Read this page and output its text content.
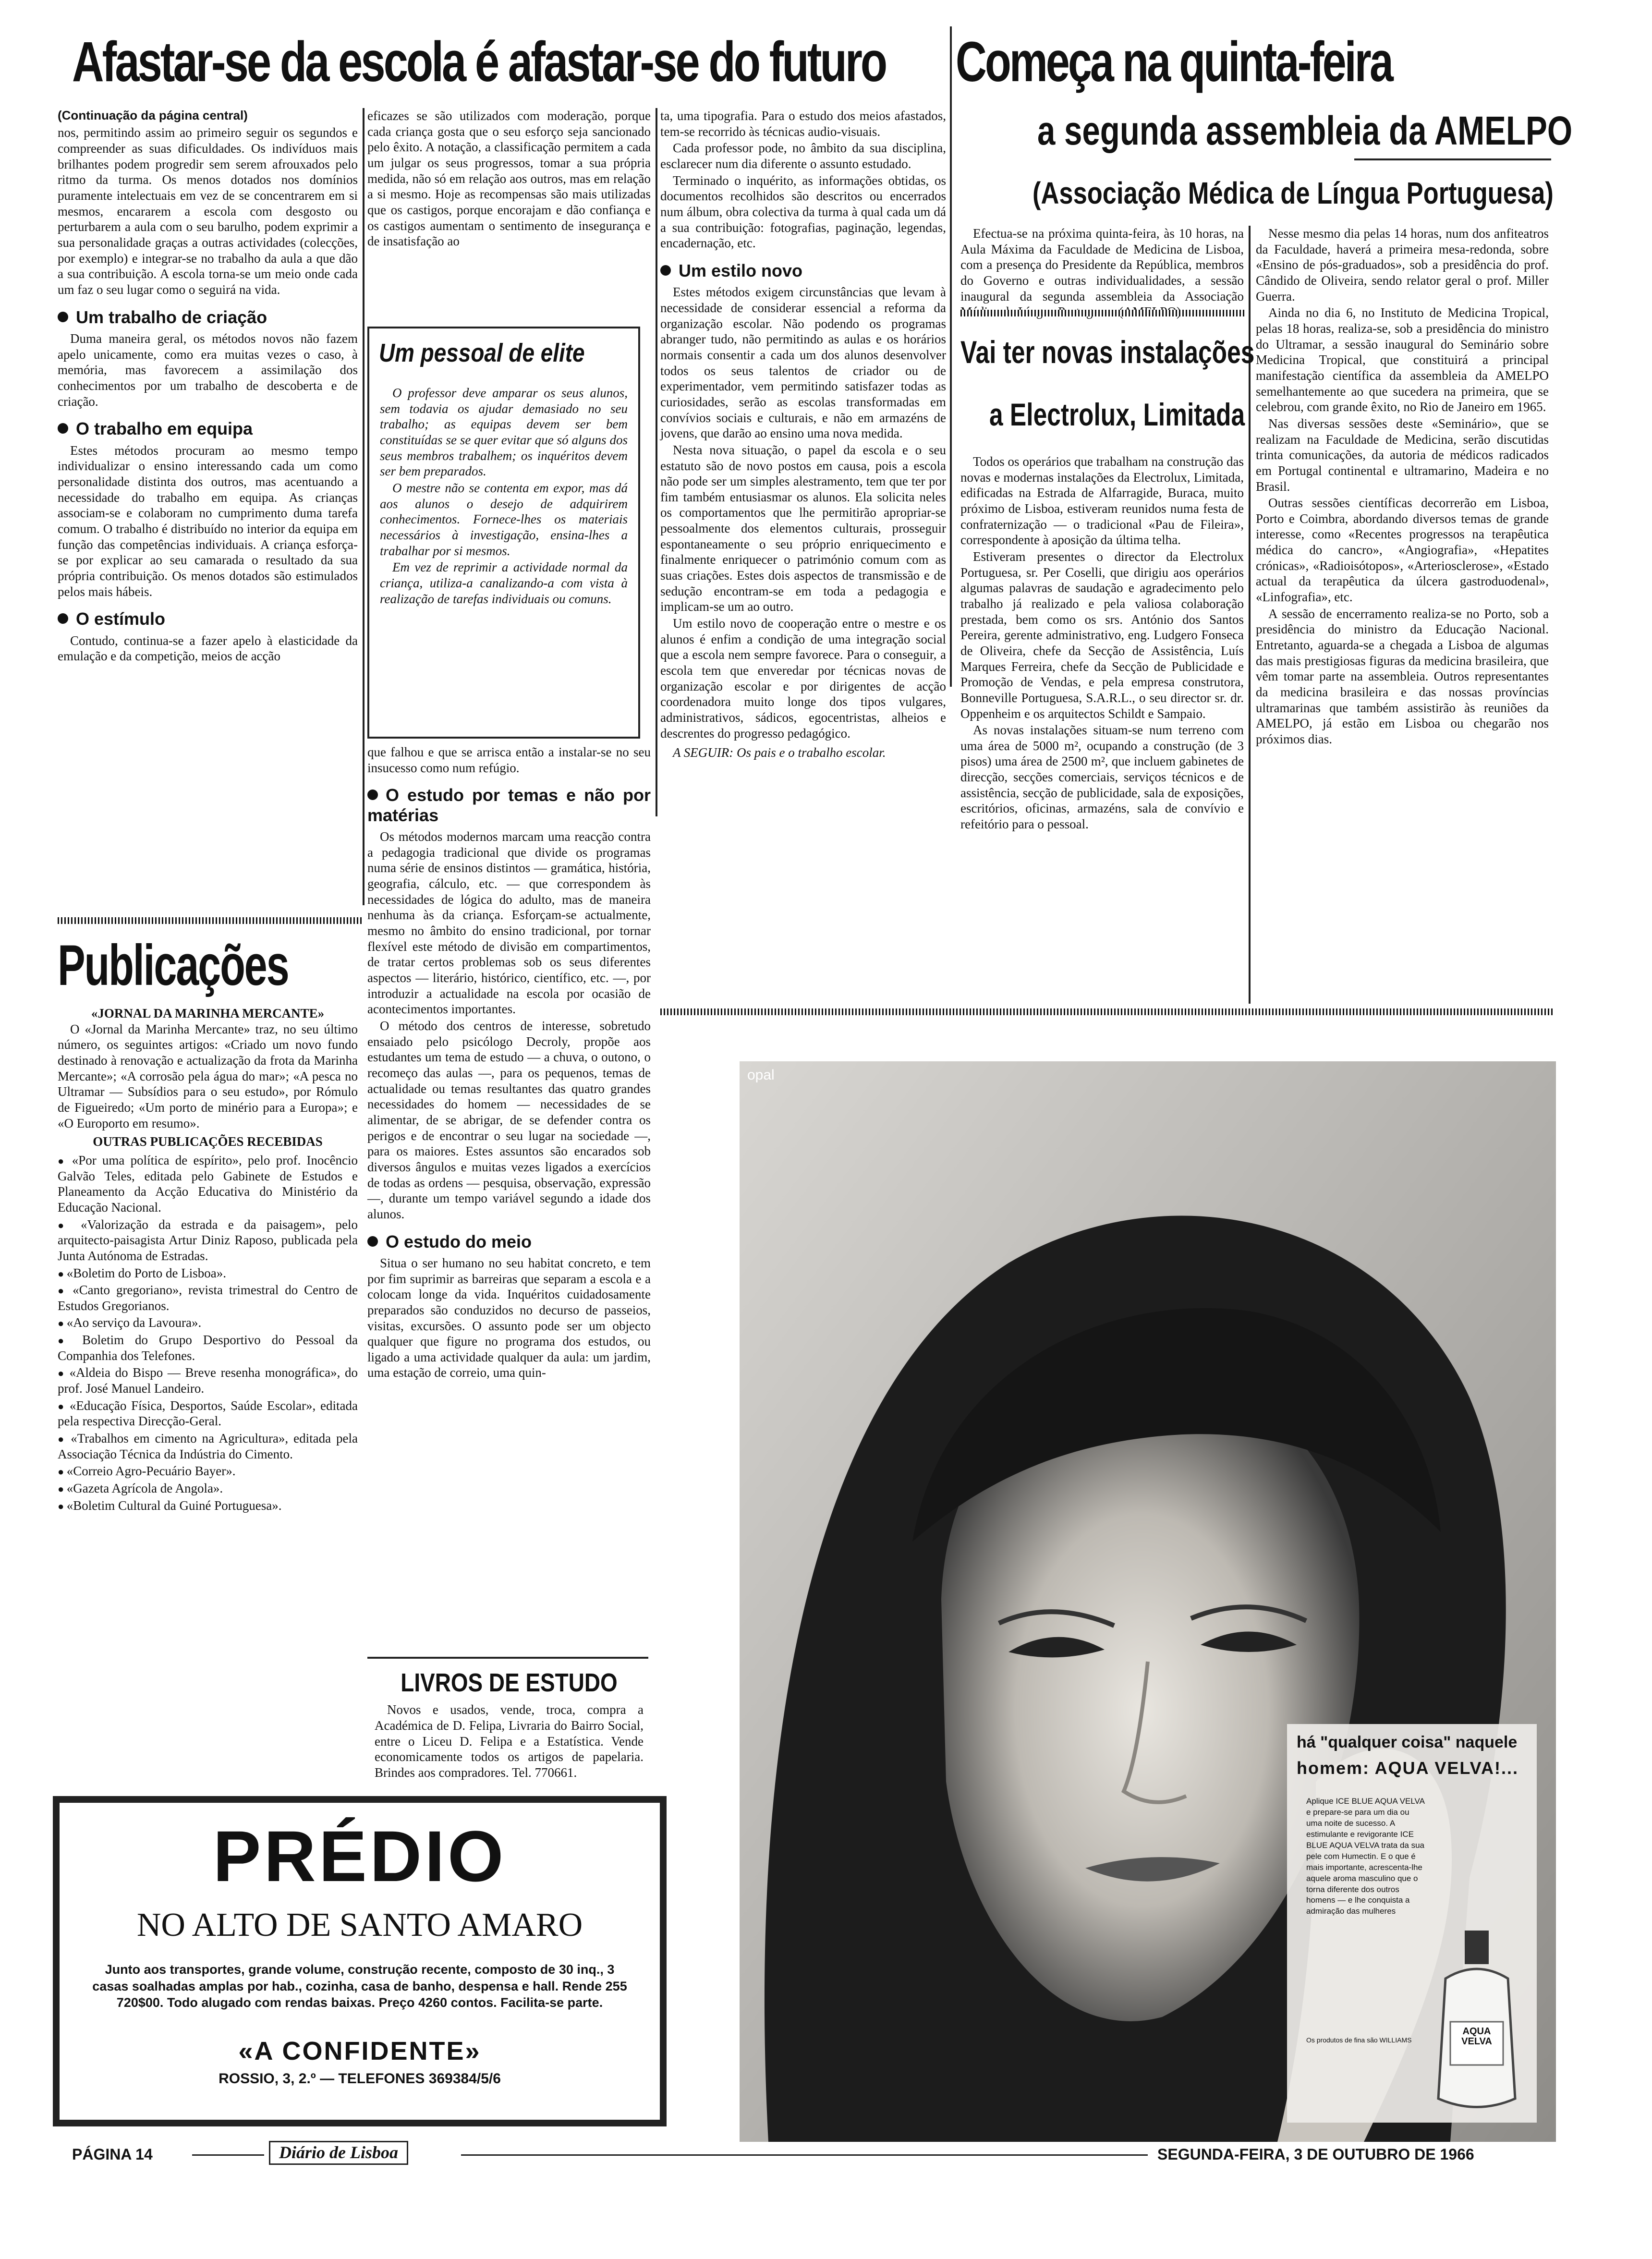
Afastar-se da escola é afastar-se do futuro Começa na quinta-feira
a segunda assembleia da AMELPO
(Associação Médica de Língua Portuguesa)
(Continuação da página central)

nos, permitindo assim ao primeiro seguir os segundos e compreender as suas dificuldades. Os indivíduos mais brilhantes podem progredir sem serem afrouxados pelo ritmo da turma. Os menos dotados nos domínios puramente intelectuais em vez de se concentrarem em si mesmos, encararem a escola com desgosto ou perturbarem a aula com o seu barulho, podem exprimir a sua personalidade graças a outras actividades (colecções, por exemplo) e integrar-se no trabalho da aula a que dão a sua contribuição. A escola torna-se um meio onde cada um faz o seu lugar como o seguirá na vida.

Um trabalho de criação

Duma maneira geral, os métodos novos não fazem apelo unicamente, como era muitas vezes o caso, à memória, mas favorecem a assimilação dos conhecimentos por um trabalho de descoberta e de criação.

O trabalho em equipa

Estes métodos procuram ao mesmo tempo individualizar o ensino interessando cada um como personalidade distinta dos outros, mas acentuando a necessidade do trabalho em equipa. As crianças associam-se e colaboram no cumprimento duma tarefa comum. O trabalho é distribuído no interior da equipa em função das competências individuais. A criança esforça-se por explicar ao seu camarada o resultado da sua própria contribuição. Os menos dotados são estimulados pelos mais hábeis.

O estímulo

Contudo, continua-se a fazer apelo à elasticidade da emulação e da competição, meios de acção

Publicações
«JORNAL DA MARINHA MERCANTE»

O «Jornal da Marinha Mercante» traz, no seu último número, os seguintes artigos: «Criado um novo fundo destinado à renovação e actualização da frota da Marinha Mercante»; «A corrosão pela água do mar»; «A pesca no Ultramar — Subsídios para o seu estudo», por Rómulo de Figueiredo; «Um porto de minério para a Europa»; e «O Europorto em resumo».

OUTRAS PUBLICAÇÕES RECEBIDAS
● «Por uma política de espírito», pelo prof. Inocêncio Galvão Teles, editada pelo Gabinete de Estudos e Planeamento da Acção Educativa do Ministério da Educação Nacional.
● «Valorização da estrada e da paisagem», pelo arquitecto-paisagista Artur Diniz Raposo, publicada pela Junta Autónoma de Estradas.
● «Boletim do Porto de Lisboa».
● «Canto gregoriano», revista trimestral do Centro de Estudos Gregorianos.
● «Ao serviço da Lavoura».
● Boletim do Grupo Desportivo do Pessoal da Companhia dos Telefones.
● «Aldeia do Bispo — Breve resenha monográfica», do prof. José Manuel Landeiro.
● «Educação Física, Desportos, Saúde Escolar», editada pela respectiva Direcção-Geral.
● «Trabalhos em cimento na Agricultura», editada pela Associação Técnica da Indústria do Cimento.
● «Correio Agro-Pecuário Bayer».
● «Gazeta Agrícola de Angola».
● «Boletim Cultural da Guiné Portuguesa».

eficazes se são utilizados com moderação, porque cada criança gosta que o seu esforço seja sancionado pelo êxito. A notação, a classificação permitem a cada um julgar os seus progressos, tomar a sua própria medida, não só em relação aos outros, mas em relação a si mesmo. Hoje as recompensas são mais utilizadas que os castigos, porque encorajam e dão confiança e os castigos aumentam o sentimento de insegurança e de insatisfação ao

Um pessoal de elite

O professor deve amparar os seus alunos, sem todavia os ajudar demasiado no seu trabalho; as equipas devem ser bem constituídas se se quer evitar que só alguns dos seus membros trabalhem; os inquéritos devem ser bem preparados.

O mestre não se contenta em expor, mas dá aos alunos o desejo de adquirirem conhecimentos. Fornece-lhes os materiais necessários à investigação, ensina-lhes a trabalhar por si mesmos.

Em vez de reprimir a actividade normal da criança, utiliza-a canalizando-a com vista à realização de tarefas individuais ou comuns.

que falhou e que se arrisca então a instalar-se no seu insucesso como num refúgio.

O estudo por temas e não por matérias

Os métodos modernos marcam uma reacção contra a pedagogia tradicional que divide os programas numa série de ensinos distintos — gramática, história, geografia, cálculo, etc. — que correspondem às necessidades de lógica do adulto, mas de maneira nenhuma às da criança. Esforçam-se actualmente, mesmo no âmbito do ensino tradicional, por tornar flexível este método de divisão em compartimentos, de tratar certos problemas sob os seus diferentes aspectos — literário, histórico, científico, etc. —, por introduzir a actualidade na escola por ocasião de acontecimentos importantes.

O método dos centros de interesse, sobretudo ensaiado pelo psicólogo Decroly, propõe aos estudantes um tema de estudo — a chuva, o outono, o recomeço das aulas —, para os pequenos, temas de actualidade ou temas resultantes das quatro grandes necessidades do homem — necessidades de se alimentar, de se abrigar, de se defender contra os perigos e de encontrar o seu lugar na sociedade —, para os maiores. Estes assuntos são encarados sob diversos ângulos e muitas vezes ligados a exercícios de todas as ordens — pesquisa, observação, expressão —, durante um tempo variável segundo a idade dos alunos.

O estudo do meio

Situa o ser humano no seu habitat concreto, e tem por fim suprimir as barreiras que separam a escola e a colocam longe da vida. Inquéritos cuidadosamente preparados são conduzidos no decurso de passeios, visitas, excursões. O assunto pode ser um objecto qualquer que figure no programa dos estudos, ou ligado a uma actividade qualquer da aula: um jardim, uma estação de correio, uma quin-

LIVROS DE ESTUDO

Novos e usados, vende, troca, compra a Académica de D. Felipa, Livraria do Bairro Social, entre o Liceu D. Felipa e a Estatística. Vende economicamente todos os artigos de papelaria. Brindes aos compradores. Tel. 770661.

ta, uma tipografia. Para o estudo dos meios afastados, tem-se recorrido às técnicas audio-visuais.

Cada professor pode, no âmbito da sua disciplina, esclarecer num dia diferente o assunto estudado.

Terminado o inquérito, as informações obtidas, os documentos recolhidos são descritos ou encerrados num álbum, obra colectiva da turma à qual cada um dá a sua contribuição: fotografias, paginação, legendas, encadernação, etc.

Um estilo novo

Estes métodos exigem circunstâncias que levam à necessidade de considerar essencial a reforma da organização escolar. Não podendo os programas abranger tudo, não permitindo as aulas e os horários normais consentir a cada um dos alunos desenvolver todos os seus talentos de criador ou de experimentador, vem permitindo satisfazer todas as curiosidades, serão as escolas transformadas em convívios sociais e culturais, e não em armazéns de jovens, que darão ao ensino uma nova medida.

Nesta nova situação, o papel da escola e o seu estatuto são de novo postos em causa, pois a escola não pode ser um simples alestramento, tem que ter por fim também entusiasmar os alunos. Ela solicita neles os comportamentos que lhe permitirão apropriar-se pessoalmente dos elementos culturais, prosseguir espontaneamente o seu próprio enriquecimento e finalmente enriquecer o património comum com as suas criações. Estes dois aspectos de transmissão e de sedução encontram-se em toda a pedagogia e implicam-se um ao outro.

Um estilo novo de cooperação entre o mestre e os alunos é enfim a condição de uma integração social que a escola nem sempre favorece. Para o conseguir, a escola tem que enveredar por técnicas novas de organização escolar e por dirigentes de acção coordenadora muito longe dos tipos vulgares, administrativos, sádicos, egocentristas, alheios e descrentes do progresso pedagógico.

A SEGUIR: Os pais e o trabalho escolar.

Efectua-se na próxima quinta-feira, às 10 horas, na Aula Máxima da Faculdade de Medicina de Lisboa, com a presença do Presidente da República, membros do Governo e outras individualidades, a sessão inaugural da segunda assembleia da Associação

Nesse mesmo dia pelas 14 horas, num dos anfiteatros da Faculdade, haverá a primeira mesa-redonda, sobre «Ensino de pós-graduados», sob a presidência do prof. Cândido de Oliveira, sendo relator geral o prof. Miller Guerra.

Ainda no dia 6, no Instituto de Medicina Tropical, pelas 18 horas, realiza-se, sob a presidência do ministro do Ultramar, a sessão inaugural do Seminário sobre Medicina Tropical, que constituirá a principal manifestação científica da assembleia da AMELPO semelhantemente ao que sucedera na primeira, que se celebrou, com grande êxito, no Rio de Janeiro em 1965.

Nas diversas sessões deste «Seminário», que se realizam na Faculdade de Medicina, serão discutidas trinta comunicações, da autoria de médicos radicados em Portugal continental e ultramarino, Madeira e no Brasil.

Outras sessões científicas decorrerão em Lisboa, Porto e Coimbra, abordando diversos temas de grande interesse, como «Recentes progressos na terapêutica médica do cancro», «Angiografia», «Hepatites crónicas», «Radioisótopos», «Arteriosclerose», «Estado actual da terapêutica da úlcera gastroduodenal», «Linfografia», etc.

A sessão de encerramento realiza-se no Porto, sob a presidência do ministro da Educação Nacional. Entretanto, aguarda-se a chegada a Lisboa de algumas das mais prestigiosas figuras da medicina brasileira, que vêm tomar parte na assembleia. Outros representantes da medicina brasileira e das nossas províncias ultramarinas que também assistirão às reuniões da AMELPO, já estão em Lisboa ou chegarão nos próximos dias.

Vai ter novas instalações
a Electrolux, Limitada

Todos os operários que trabalham na construção das novas e modernas instalações da Electrolux, Limitada, edificadas na Estrada de Alfarragide, Buraca, muito próximo de Lisboa, estiveram reunidos numa festa de confraternização — o tradicional «Pau de Fileira», correspondente à aposição da última telha.

Estiveram presentes o director da Electrolux Portuguesa, sr. Per Coselli, que dirigiu aos operários algumas palavras de saudação e agradecimento pelo trabalho já realizado e pela valiosa colaboração prestada, bem como os srs. António dos Santos Pereira, gerente administrativo, eng. Ludgero Fonseca de Oliveira, chefe da Secção de Assistência, Luís Marques Ferreira, chefe da Secção de Publicidade e Promoção de Vendas, e pela empresa construtora, Bonneville Portuguesa, S.A.R.L., o seu director sr. dr. Oppenheim e os arquitectos Schildt e Sampaio.

As novas instalações situam-se num terreno com uma área de 5000 m², ocupando a construção (de 3 pisos) uma área de 2500 m², que incluem gabinetes de direcção, secções comerciais, serviços técnicos e de assistência, secção de publicidade, sala de exposições, escritórios, oficinas, armazéns, sala de convívio e refeitório para o pessoal.

PRÉDIO
NO ALTO DE SANTO AMARO
Junto aos transportes, grande volume, construção recente, composto de 30 inq., 3 casas soalhadas amplas por hab., cozinha, casa de banho, despensa e hall. Rende 255 720$00. Todo alugado com rendas baixas. Preço 4260 contos. Facilita-se parte.
«A CONFIDENTE»
ROSSIO, 3, 2.º — TELEFONES 369384/5/6
opal
há "qualquer coisa" naquele
homem: AQUA VELVA!...
Aplique ICE BLUE AQUA VELVA e prepare-se para um dia ou uma noite de sucesso. A estimulante e revigorante ICE BLUE AQUA VELVA trata da sua pele com Humectin. E o que é mais importante, acrescenta-lhe aquele aroma masculino que o torna diferente dos outros homens — e lhe conquista a admiração das mulheres
Os produtos de fina são WILLIAMS
AQUA VELVA
PÁGINA 14	Diário de Lisboa	SEGUNDA-FEIRA, 3 DE OUTUBRO DE 1966
